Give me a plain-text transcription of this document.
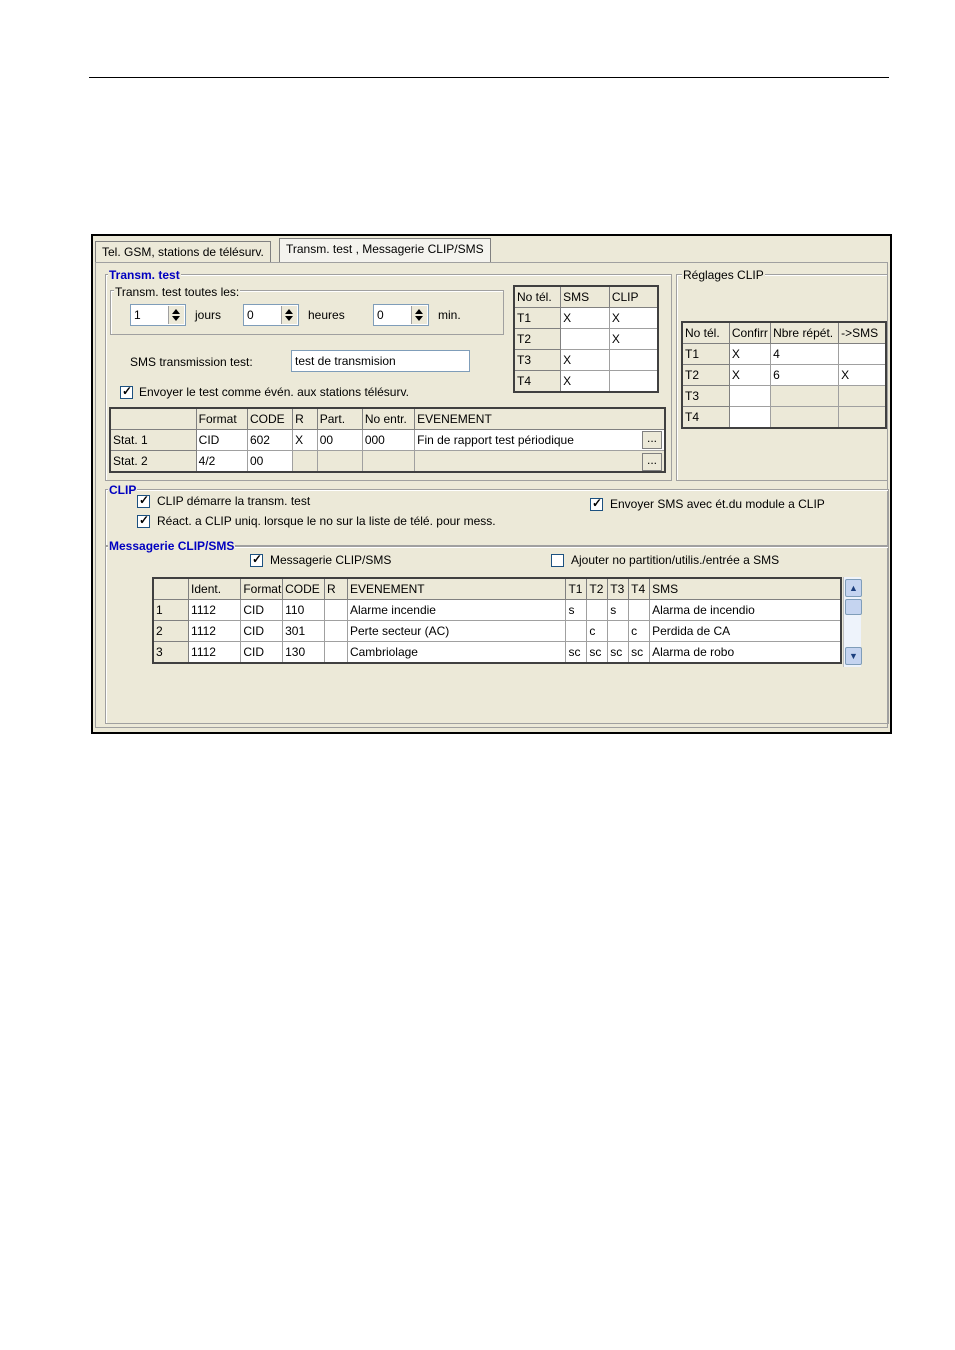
Tel. GSM, stations de télésurv.	Transm. test , Messagerie CLIP/SMS
Transm. test
Transm. test toutes les:
1	jours 0	heures	0	min.
SMS transmission test:	test de transmision
✓ Envoyer le test comme évén. aux stations télésurv.
No tél.	SMS	CLIP
T1	X	X
T2		X
T3	X	
T4	X	
	Format	CODE	R	Part.	No entr.	EVENEMENT
Stat. 1	CID	602	X	00	000	Fin de rapport test périodique ...

Stat. 2	4/2	00				...
Réglages CLIP
No tél.	Confirr	Nbre répét.	->SMS
T1	X	4	
T2	X	6	X
T3			
T4			
CLIP
✓ CLIP démarre la transm. test
✓ Réact. a CLIP uniq. lorsque le no sur la liste de télé. pour mess.
✓ Envoyer SMS avec ét.du module a CLIP
Messagerie CLIP/SMS
✓ Messagerie CLIP/SMS	Ajouter no partition/utilis./entrée a SMS
	Ident.	Format	CODE	R	EVENEMENT	T1	T2	T3	T4	SMS
1	1112	CID	110		Alarme incendie	s		s		Alarma de incendio
2	1112	CID	301		Perte secteur (AC)		c		c	Perdida de CA
3	1112	CID	130		Cambriolage	sc	sc	sc	sc	Alarma de robo
▲
▼
